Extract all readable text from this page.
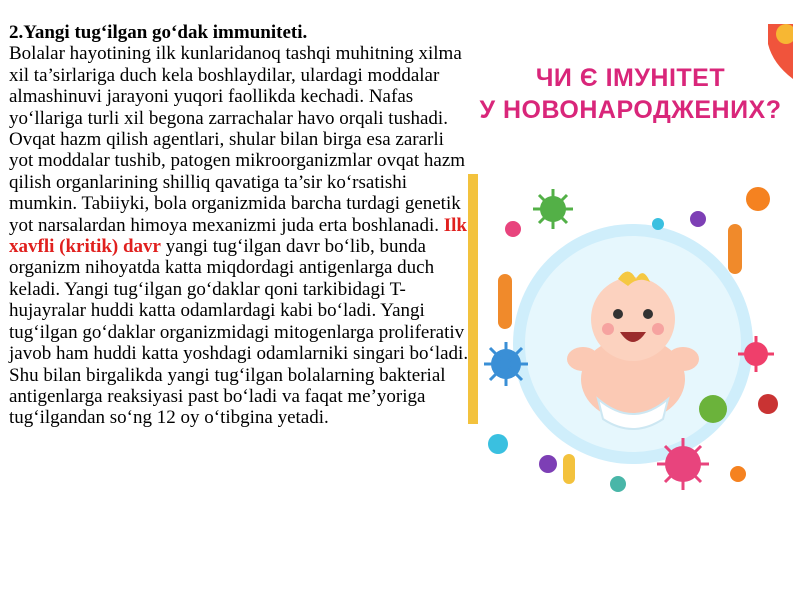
2.Yangi tug‘ilgan go‘dak immuniteti.
Bolalar hayotining ilk kunlaridanoq tashqi muhitning xilma xil ta’sirlariga duch kela boshlaydilar, ulardagi moddalar almashinuvi jarayoni yuqori faollikda kechadi. Nafas yo‘llariga turli xil begona zarrachalar havo orqali tushadi. Ovqat hazm qilish agentlari, shular bilan birga esa zararli yot moddalar tushib, patogen mikroorganizmlar ovqat hazm qilish organlarining shilliq qavatiga ta’sir ko‘rsatishi mumkin. Tabiiyki, bola organizmida barcha turdagi genetik yot narsalardan himoya mexanizmi juda erta boshlanadi. Ilk xavfli (kritik) davr yangi tug‘ilgan davr bo‘lib, bunda organizm nihoyatda katta miqdordagi antigenlarga duch keladi. Yangi tug‘ilgan go‘daklar qoni tarkibidagi T-hujayralar huddi katta odamlardagi kabi bo‘ladi. Yangi tug‘ilgan go‘daklar organizmidagi mitogenlarga proliferativ javob ham huddi katta yoshdagi odamlarniki singari bo‘ladi. Shu bilan birgalikda yangi tug‘ilgan bolalarning bakterial antigenlarga reaksiyasi past bo‘ladi va faqat me’yoriga tug‘ilgandan so‘ng 12 oy o‘tibgina yetadi.
ЧИ Є ІМУНІТЕТ
У НОВОНАРОДЖЕНИХ?
